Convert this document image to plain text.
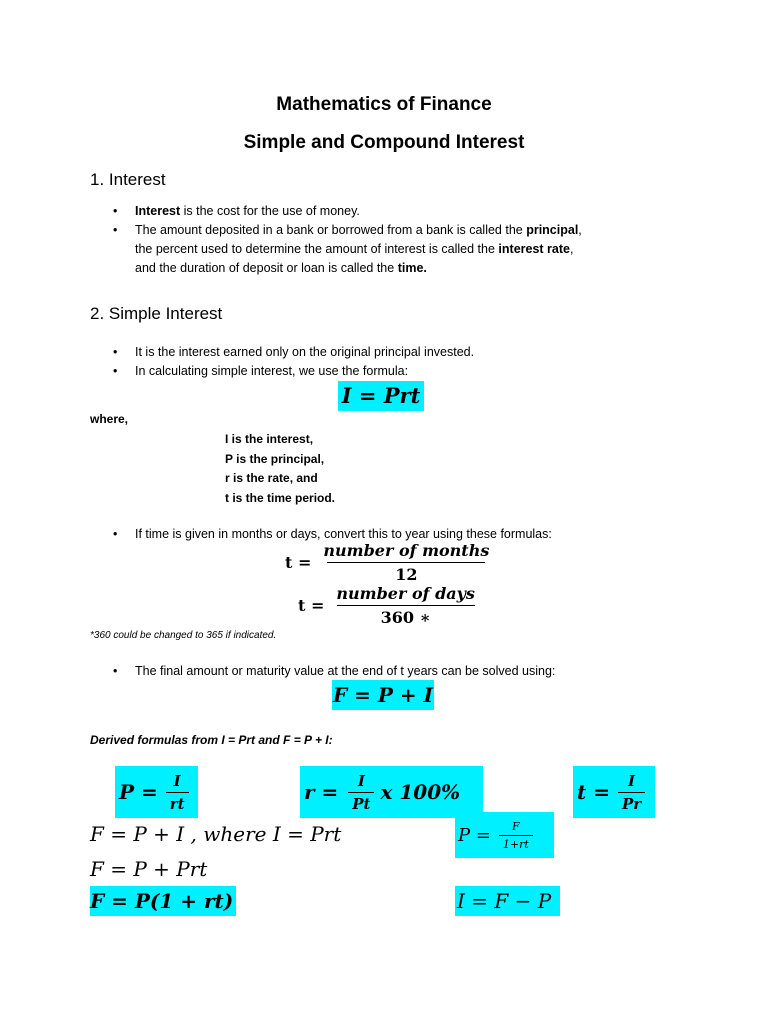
Mathematics of Finance
Simple and Compound Interest
1. Interest
• Interest is the cost for the use of money.
• The amount deposited in a bank or borrowed from a bank is called the principal,
the percent used to determine the amount of interest is called the interest rate,
and the duration of deposit or loan is called the time.
2. Simple Interest
• It is the interest earned only on the original principal invested.
• In calculating simple interest, we use the formula:
I = Prt
where,
I is the interest,
P is the principal,
r is the rate, and
t is the time period.
• If time is given in months or days, convert this to year using these formulas:
$t = \frac{\text{number of months}}{12}$
$t = \frac{\text{number of days}}{360 ∗}$
*360 could be changed to 365 if indicated.
• The final amount or maturity value at the end of t years can be solved using:
F = P + I
Derived formulas from I = Prt and F = P + I:
$P = \frac{I}{rt}$	$r = \frac{I}{Pt}$ x 100%	$t = \frac{I}{Pr}$
F = P + I , where I = Prt
F = P + Prt
F = P(1 + rt)
$P = \frac{F}{1+rt}$
I = F − P
